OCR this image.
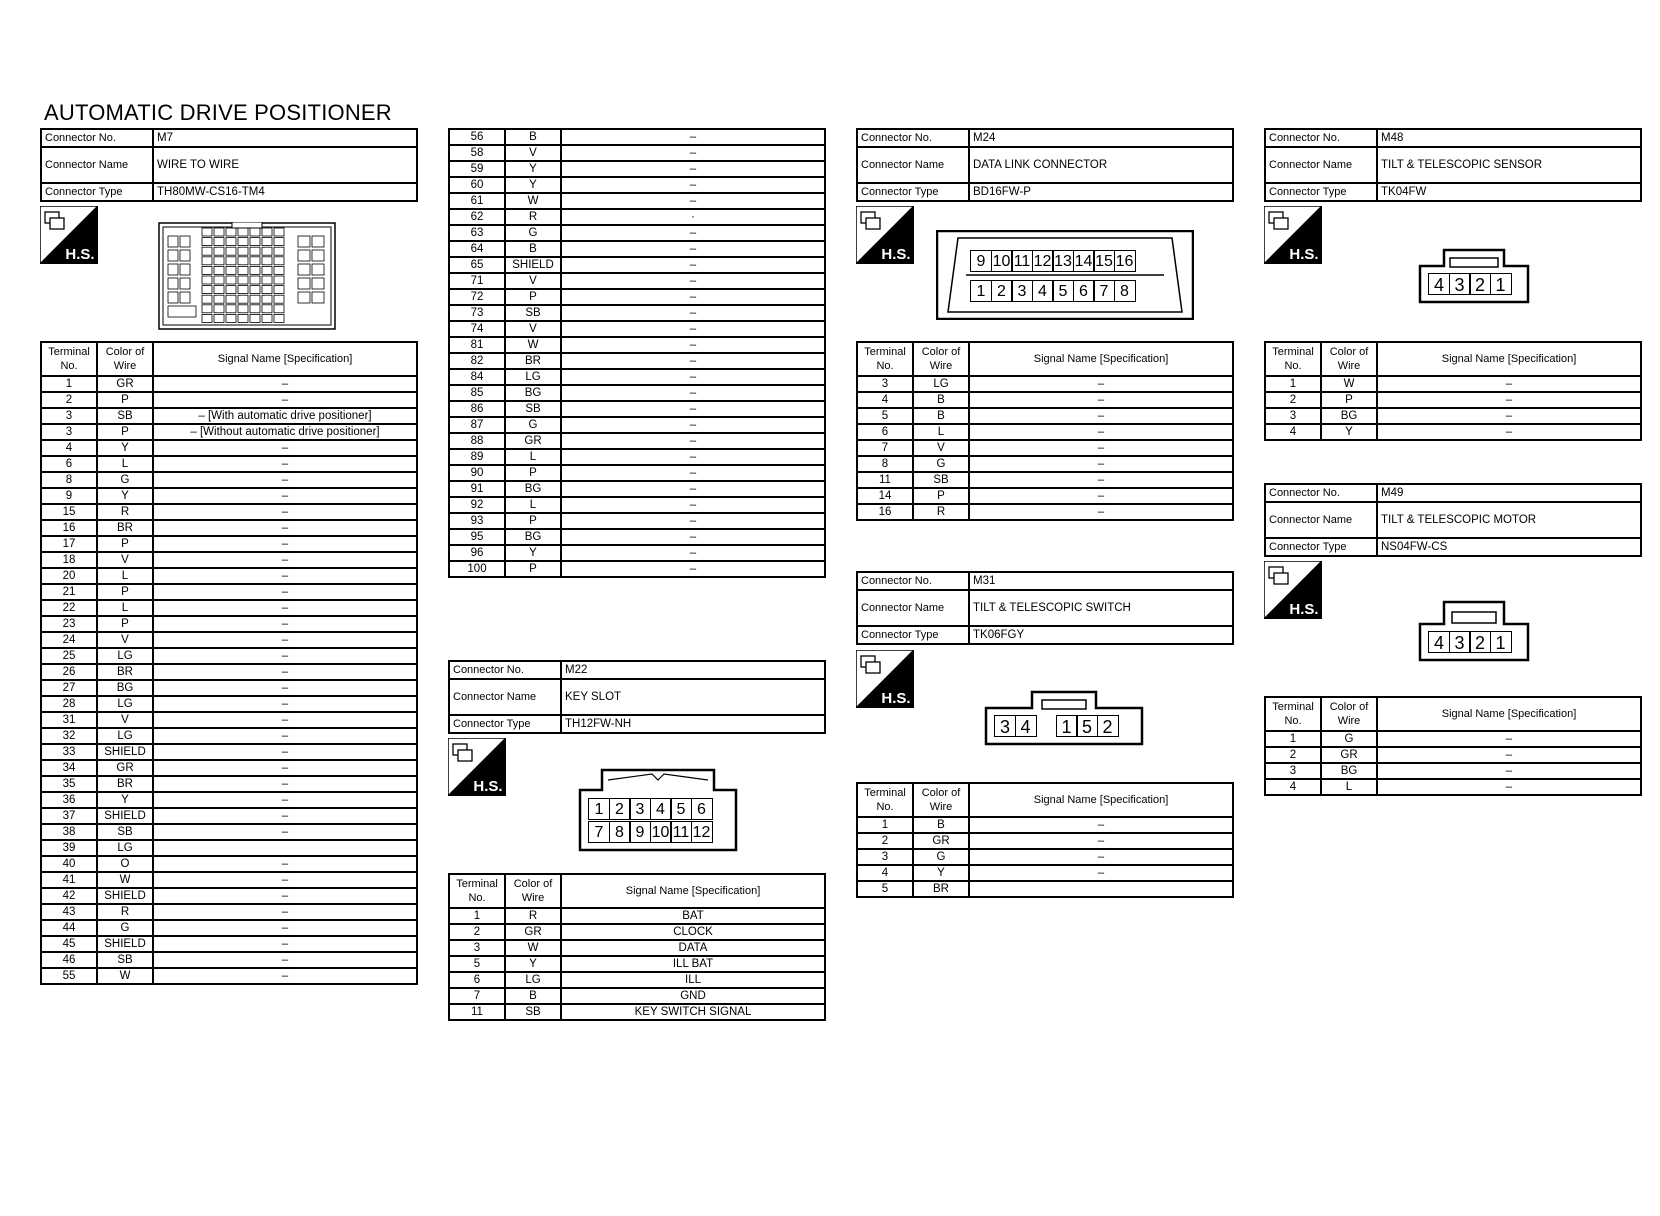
AUTOMATIC DRIVE POSITIONER
Connector No.	M7
Connector Name	WIRE TO WIRE
Connector Type	TH80MW-CS16-TM4
H.S.
Terminal No.	Color of Wire	Signal Name [Specification]
1	GR	–
2	P	–
3	SB	– [With automatic drive positioner]
3	P	– [Without automatic drive positioner]
4	Y	–
6	L	–
8	G	–
9	Y	–
15	R	–
16	BR	–
17	P	–
18	V	–
20	L	–
21	P	–
22	L	–
23	P	–
24	V	–
25	LG	–
26	BR	–
27	BG	–
28	LG	–
31	V	–
32	LG	–
33	SHIELD	–
34	GR	–
35	BR	–
36	Y	–
37	SHIELD	–
38	SB	–
39	LG	
40	O	–
41	W	–
42	SHIELD	–
43	R	–
44	G	–
45	SHIELD	–
46	SB	–
55	W	–
56	B	–
58	V	–
59	Y	–
60	Y	–
61	W	–
62	R	·
63	G	–
64	B	–
65	SHIELD	–
71	V	–
72	P	–
73	SB	–
74	V	–
81	W	–
82	BR	–
84	LG	–
85	BG	–
86	SB	–
87	G	–
88	GR	–
89	L	–
90	P	–
91	BG	–
92	L	–
93	P	–
95	BG	–
96	Y	–
100	P	–
Connector No.	M22
Connector Name	KEY SLOT
Connector Type	TH12FW-NH
H.S.
1 2 3 4 5 6
7 8 9 10 11 12
Terminal No.	Color of Wire	Signal Name [Specification]
1	R	BAT
2	GR	CLOCK
3	W	DATA
5	Y	ILL BAT
6	LG	ILL
7	B	GND
11	SB	KEY SWITCH SIGNAL
Connector No.	M24
Connector Name	DATA LINK CONNECTOR
Connector Type	BD16FW-P
H.S.	9 10 11 12 13 14 15 16
1 2 3 4 5 6 7 8
Terminal No.	Color of Wire	Signal Name [Specification]
3	LG	–
4	B	–
5	B	–
6	L	–
7	V	–
8	G	–
11	SB	–
14	P	–
16	R	–
Connector No.	M31
Connector Name	TILT & TELESCOPIC SWITCH
Connector Type	TK06FGY
H.S.
3 4	1 5 2
Terminal No.	Color of Wire	Signal Name [Specification]
1	B	–
2	GR	–
3	G	–
4	Y	–
5	BR	
Connector No.	M48
Connector Name	TILT & TELESCOPIC SENSOR
Connector Type	TK04FW
H.S.
4 3 2 1
Terminal No.	Color of Wire	Signal Name [Specification]
1	W	–
2	P	–
3	BG	–
4	Y	–
Connector No.	M49
Connector Name	TILT & TELESCOPIC MOTOR
Connector Type	NS04FW-CS
H.S.
4 3 2 1
Terminal No.	Color of Wire	Signal Name [Specification]
1	G	–
2	GR	–
3	BG	–
4	L	–
